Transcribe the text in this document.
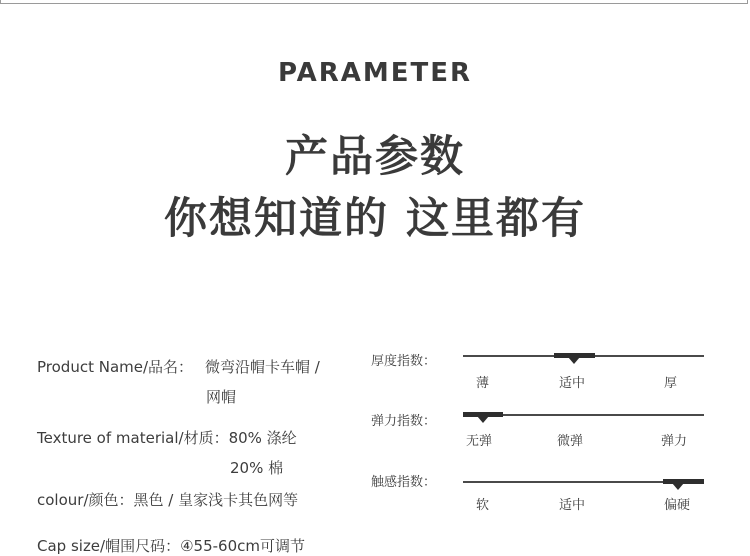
PARAMETER
产品参数
你想知道的 这里都有
Product Name/品名： 微弯沿帽卡车帽 /
网帽
Texture of material/材质：80% 涤纶
20% 棉
colour/颜色：黑色 / 皇家浅卡其色网等
Cap size/帽围尺码：④55-60cm可调节
厚度指数：
薄	适中	厚
弹力指数：
无弹	微弹	弹力
触感指数：
软	适中	偏硬
